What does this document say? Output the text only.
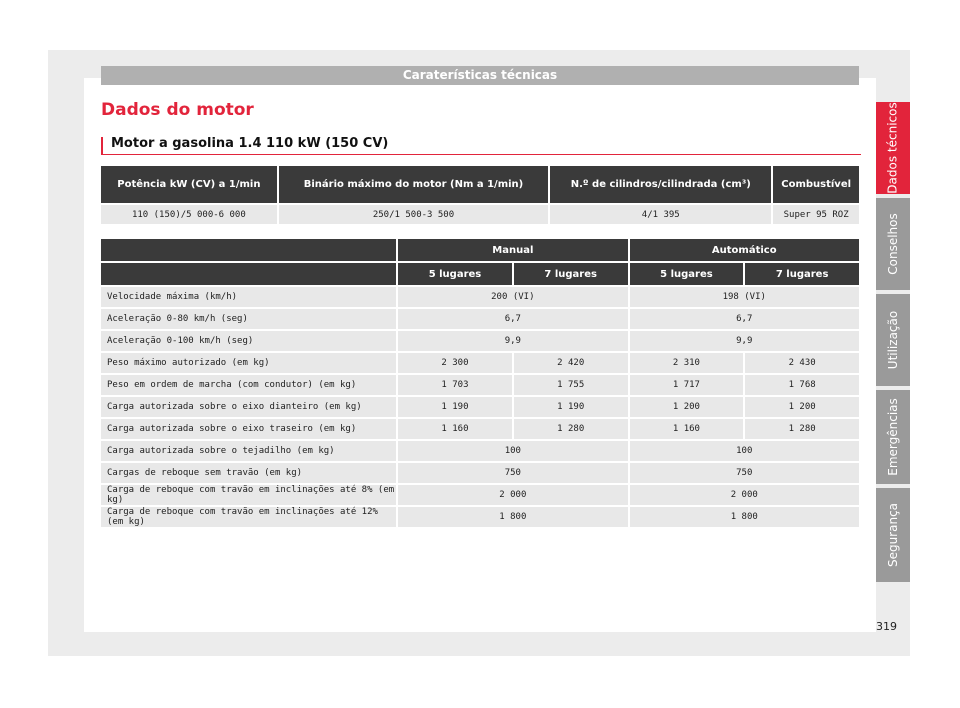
Caraterísticas técnicas
Dados do motor
Motor a gasolina 1.4 110 kW (150 CV)
Potência kW (CV) a 1/min	Binário máximo do motor (Nm a 1/min)	N.º de cilindros/cilindrada (cm³)	Combustível
110 (150)/5 000-6 000	250/1 500-3 500	4/1 395	Super 95 ROZ
	Manual		Automático	
	5 lugares	7 lugares	5 lugares	7 lugares
Velocidade máxima (km/h)	200 (VI)		198 (VI)	
Aceleração 0-80 km/h (seg)	6,7		6,7	
Aceleração 0-100 km/h (seg)	9,9		9,9	
Peso máximo autorizado (em kg)	2 300	2 420	2 310	2 430
Peso em ordem de marcha (com condutor) (em kg)	1 703	1 755	1 717	1 768
Carga autorizada sobre o eixo dianteiro (em kg)	1 190	1 190	1 200	1 200
Carga autorizada sobre o eixo traseiro (em kg)	1 160	1 280	1 160	1 280
Carga autorizada sobre o tejadilho (em kg)	100		100	
Cargas de reboque sem travão (em kg)	750		750	
Carga de reboque com travão em inclinações até 8% (em kg)	2 000		2 000	
Carga de reboque com travão em inclinações até 12% (em kg)	1 800		1 800	
Dados técnicos
Conselhos
Utilização
Emergências
Segurança
319
